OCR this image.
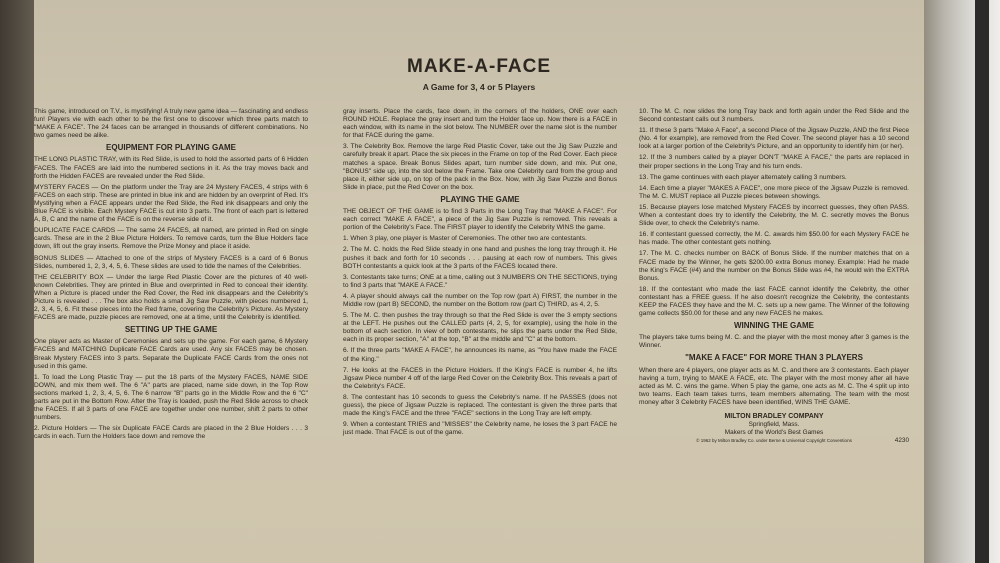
MAKE-A-FACE
A Game for 3, 4 or 5 Players

This game, introduced on T.V., is mystifying! A truly new game idea — fascinating and endless fun! Players vie with each other to be the first one to discover which three parts match to "MAKE A FACE". The 24 faces can be arranged in thousands of different combinations. No two games need be alike.

EQUIPMENT FOR PLAYING GAME

THE LONG PLASTIC TRAY, with its Red Slide, is used to hold the assorted parts of 6 Hidden FACES. The FACES are laid into the numbered sections in it. As the tray moves back and forth the Hidden FACES are revealed under the Red Slide.

MYSTERY FACES — On the platform under the Tray are 24 Mystery FACES, 4 strips with 6 FACES on each strip. These are printed in blue ink and are hidden by an overprint of Red. It's Mystifying when a FACE appears under the Red Slide, the Red ink disappears and only the Blue FACE is visible. Each Mystery FACE is cut into 3 parts. The front of each part is lettered A, B, C and the name of the FACE is on the reverse side of it.

DUPLICATE FACE CARDS — The same 24 FACES, all named, are printed in Red on single cards. These are in the 2 Blue Picture Holders. To remove cards, turn the Blue Holders face down, lift out the gray inserts. Remove the Prize Money and place it aside.

BONUS SLIDES — Attached to one of the strips of Mystery FACES is a card of 6 Bonus Slides, numbered 1, 2, 3, 4, 5, 6. These slides are used to tide the names of the Celebrities.

THE CELEBRITY BOX — Under the large Red Plastic Cover are the pictures of 40 well-known Celebrities. They are printed in Blue and overprinted in Red to conceal their identity. When a Picture is placed under the Red Cover, the Red ink disappears and the Celebrity's Picture is revealed . . . The box also holds a small Jig Saw Puzzle, with pieces numbered 1, 2, 3, 4, 5, 6. Fit these pieces into the Red frame, covering the Celebrity's Picture. As Mystery FACES are made, puzzle pieces are removed, one at a time, until the Celebrity is identified.

SETTING UP THE GAME

One player acts as Master of Ceremonies and sets up the game. For each game, 6 Mystery FACES and MATCHING Duplicate FACE Cards are used. Any six FACES may be chosen. Break Mystery FACES into 3 parts. Separate the Duplicate FACE Cards from the ones not used in this game.

1. To load the Long Plastic Tray — put the 18 parts of the Mystery FACES, NAME SIDE DOWN, and mix them well. The 6 "A" parts are placed, name side down, in the Top Row sections marked 1, 2, 3, 4, 5, 6. The 6 narrow "B" parts go in the Middle Row and the 6 "C" parts are put in the Bottom Row. After the Tray is loaded, push the Red Slide across to check the FACES. If all 3 parts of one FACE are together under one number, shift 2 parts to other numbers.

2. Picture Holders — The six Duplicate FACE Cards are placed in the 2 Blue Holders . . . 3 cards in each. Turn the Holders face down and remove the

gray inserts. Place the cards, face down, in the corners of the holders, ONE over each ROUND HOLE. Replace the gray insert and turn the Holder face up. Now there is a FACE in each window, with its name in the slot below. The NUMBER over the name slot is the number for that FACE during the game.

3. The Celebrity Box. Remove the large Red Plastic Cover, take out the Jig Saw Puzzle and carefully break it apart. Place the six pieces in the Frame on top of the Red Cover. Each piece matches a space. Break Bonus Slides apart, turn number side down, and mix. Put one, "BONUS" side up, into the slot below the Frame. Take one Celebrity card from the group and place it, either side up, on top of the pack in the Box. Now, with Jig Saw Puzzle and Bonus Slide in place, put the Red Cover on the box.

PLAYING THE GAME

THE OBJECT OF THE GAME is to find 3 Parts in the Long Tray that "MAKE A FACE". For each correct "MAKE A FACE", a piece of the Jig Saw Puzzle is removed. This reveals a portion of the Celebrity's Face. The FIRST player to identify the Celebrity WINS the game.

1. When 3 play, one player is Master of Ceremonies. The other two are contestants.

2. The M. C. holds the Red Slide steady in one hand and pushes the long tray through it. He pushes it back and forth for 10 seconds . . . pausing at each row of numbers. This gives BOTH contestants a quick look at the 3 parts of the FACES located there.

3. Contestants take turns; ONE at a time, calling out 3 NUMBERS ON THE SECTIONS, trying to find 3 parts that "MAKE A FACE."

4. A player should always call the number on the Top row (part A) FIRST, the number in the Middle row (part B) SECOND, the number on the Bottom row (part C) THIRD, as 4, 2, 5.

5. The M. C. then pushes the tray through so that the Red Slide is over the 3 empty sections at the LEFT. He pushes out the CALLED parts (4, 2, 5, for example), using the hole in the bottom of each section. In view of both contestants, he slips the parts under the Red Slide, each in its proper section, "A" at the top, "B" at the middle and "C" at the bottom.

6. If the three parts "MAKE A FACE", he announces its name, as "You have made the FACE of the King."

7. He looks at the FACES in the Picture Holders. If the King's FACE is number 4, he lifts Jigsaw Piece number 4 off of the large Red Cover on the Celebrity Box. This reveals a part of the Celebrity's FACE.

8. The contestant has 10 seconds to guess the Celebrity's name. If he PASSES (does not guess), the piece of Jigsaw Puzzle is replaced. The contestant is given the three parts that made the King's FACE and the three "FACE" sections in the Long Tray are left empty.

9. When a contestant TRIES and "MISSES" the Celebrity name, he loses the 3 part FACE he just made. That FACE is out of the game.

10. The M. C. now slides the long Tray back and forth again under the Red Slide and the Second contestant calls out 3 numbers.

11. If these 3 parts "Make A Face", a second Piece of the Jigsaw Puzzle, AND the first Piece (No. 4 for example), are removed from the Red Cover. The second player has a 10 second look at a larger portion of the Celebrity's Picture, and an opportunity to identify him (or her).

12. If the 3 numbers called by a player DON'T "MAKE A FACE," the parts are replaced in their proper sections in the Long Tray and his turn ends.

13. The game continues with each player alternately calling 3 numbers.

14. Each time a player "MAKES A FACE", one more piece of the Jigsaw Puzzle is removed. The M. C. MUST replace all Puzzle pieces between showings.

15. Because players lose matched Mystery FACES by incorrect guesses, they often PASS. When a contestant does try to identify the Celebrity, the M. C. secretly moves the Bonus Slide over, to check the Celebrity's name.

16. If contestant guessed correctly, the M. C. awards him $50.00 for each Mystery FACE he has made. The other contestant gets nothing.

17. The M. C. checks number on BACK of Bonus Slide. If the number matches that on a FACE made by the Winner, he gets $200.00 extra Bonus money. Example: Had he made the King's FACE (#4) and the number on the Bonus Slide was #4, he would win the EXTRA Bonus.

18. If the contestant who made the last FACE cannot identify the Celebrity, the other contestant has a FREE guess. If he also doesn't recognize the Celebrity, the contestants KEEP the FACES they have and the M. C. sets up a new game. The Winner of the following game collects $50.00 for these and any new FACES he makes.

WINNING THE GAME

The players take turns being M. C. and the player with the most money after 3 games is the Winner.

"MAKE A FACE" FOR MORE THAN 3 PLAYERS

When there are 4 players, one player acts as M. C. and there are 3 contestants. Each player having a turn, trying to MAKE A FACE, etc. The player with the most money after all have acted as M. C. wins the game. When 5 play the game, one acts as M. C. The 4 split up into two teams. Each team takes turns, team members alternating. The team with the most money after 3 Celebrity FACES have been identified, WINS THE GAME.

MILTON BRADLEY COMPANY
Springfield, Mass.
Makers of the World's Best Games
© 1962 by Milton Bradley Co. under Berne & Universal Copyright Conventions	4230
